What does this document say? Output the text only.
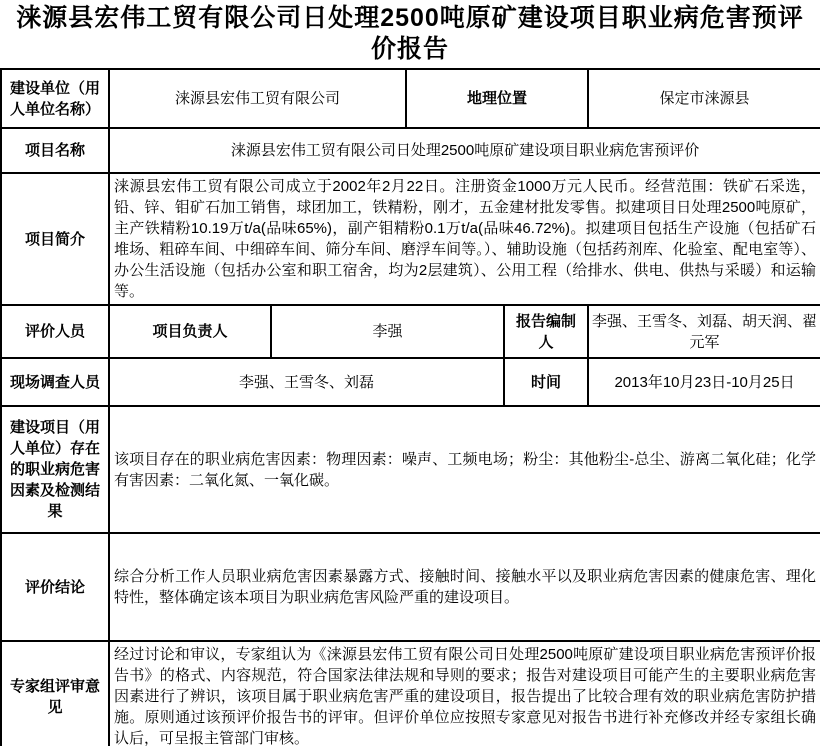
涞源县宏伟工贸有限公司日处理2500吨原矿建设项目职业病危害预评价报告
建设单位（用人单位名称）	涞源县宏伟工贸有限公司		地理位置		保定市涞源县
项目名称	涞源县宏伟工贸有限公司日处理2500吨原矿建设项目职业病危害预评价				
项目简介	涞源县宏伟工贸有限公司成立于2002年2月22日。注册资金1000万元人民币。经营范围：铁矿石采选，铅、锌、钼矿石加工销售，球团加工，铁精粉，刚才，五金建材批发零售。拟建项目日处理2500吨原矿，主产铁精粉10.19万t/a(品味65%)，副产钼精粉0.1万t/a(品味46.72%)。拟建项目包括生产设施（包括矿石堆场、粗碎车间、中细碎车间、筛分车间、磨浮车间等。）、辅助设施（包括药剂库、化验室、配电室等）、办公生活设施（包括办公室和职工宿舍，均为2层建筑）、公用工程（给排水、供电、供热与采暖）和运输等。				
评价人员	项目负责人	李强		报告编制人	李强、王雪冬、刘磊、胡天润、翟元军
现场调查人员	李强、王雪冬、刘磊			时间	2013年10月23日-10月25日
建设项目（用人单位）存在的职业病危害因素及检测结果	该项目存在的职业病危害因素：物理因素：噪声、工频电场；粉尘：其他粉尘-总尘、游离二氧化硅；化学有害因素：二氧化氮、一氧化碳。				
评价结论	综合分析工作人员职业病危害因素暴露方式、接触时间、接触水平以及职业病危害因素的健康危害、理化特性，整体确定该本项目为职业病危害风险严重的建设项目。				
专家组评审意见	经过讨论和审议，专家组认为《涞源县宏伟工贸有限公司日处理2500吨原矿建设项目职业病危害预评价报告书》的格式、内容规范，符合国家法律法规和导则的要求；报告对建设项目可能产生的主要职业病危害因素进行了辨识，该项目属于职业病危害严重的建设项目，报告提出了比较合理有效的职业病危害防护措施。原则通过该预评价报告书的评审。但评价单位应按照专家意见对报告书进行补充修改并经专家组长确认后，可呈报主管部门审核。				
